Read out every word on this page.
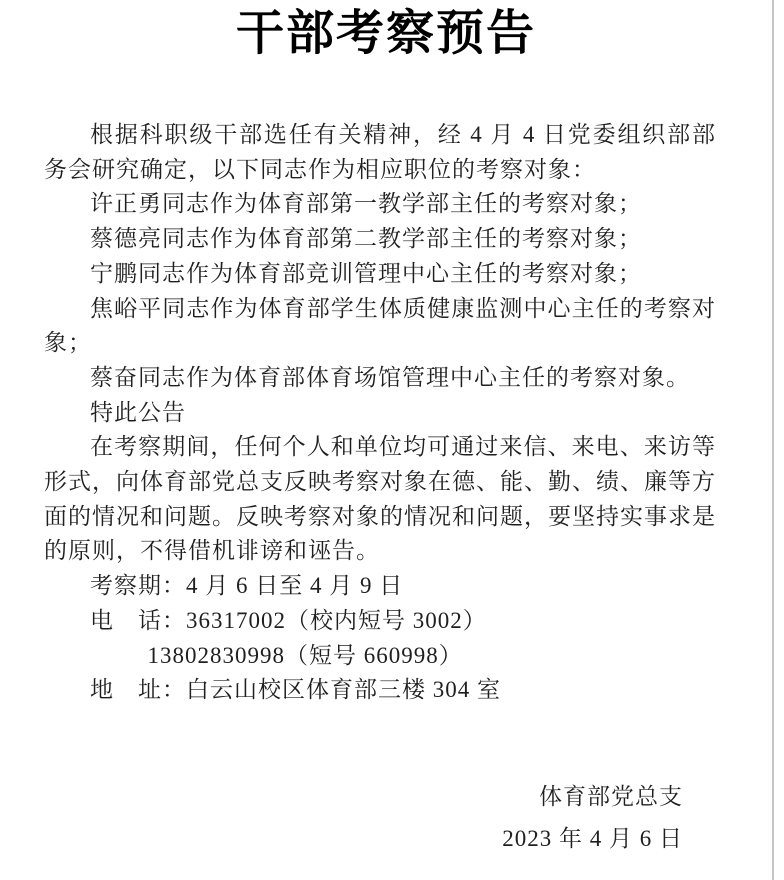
干部考察预告

根据科职级干部选任有关精神，经 4 月 4 日党委组织部部务会研究确定，以下同志作为相应职位的考察对象：

许正勇同志作为体育部第一教学部主任的考察对象；

蔡德亮同志作为体育部第二教学部主任的考察对象；

宁鹏同志作为体育部竞训管理中心主任的考察对象；

焦峪平同志作为体育部学生体质健康监测中心主任的考察对象；

蔡奋同志作为体育部体育场馆管理中心主任的考察对象。

特此公告

在考察期间，任何个人和单位均可通过来信、来电、来访等形式，向体育部党总支反映考察对象在德、能、勤、绩、廉等方面的情况和问题。反映考察对象的情况和问题，要坚持实事求是的原则，不得借机诽谤和诬告。

考察期：4 月 6 日至 4 月 9 日

电　话：36317002（校内短号 3002）

13802830998（短号 660998）

地　址：白云山校区体育部三楼 304 室

体育部党总支

2023 年 4 月 6 日
